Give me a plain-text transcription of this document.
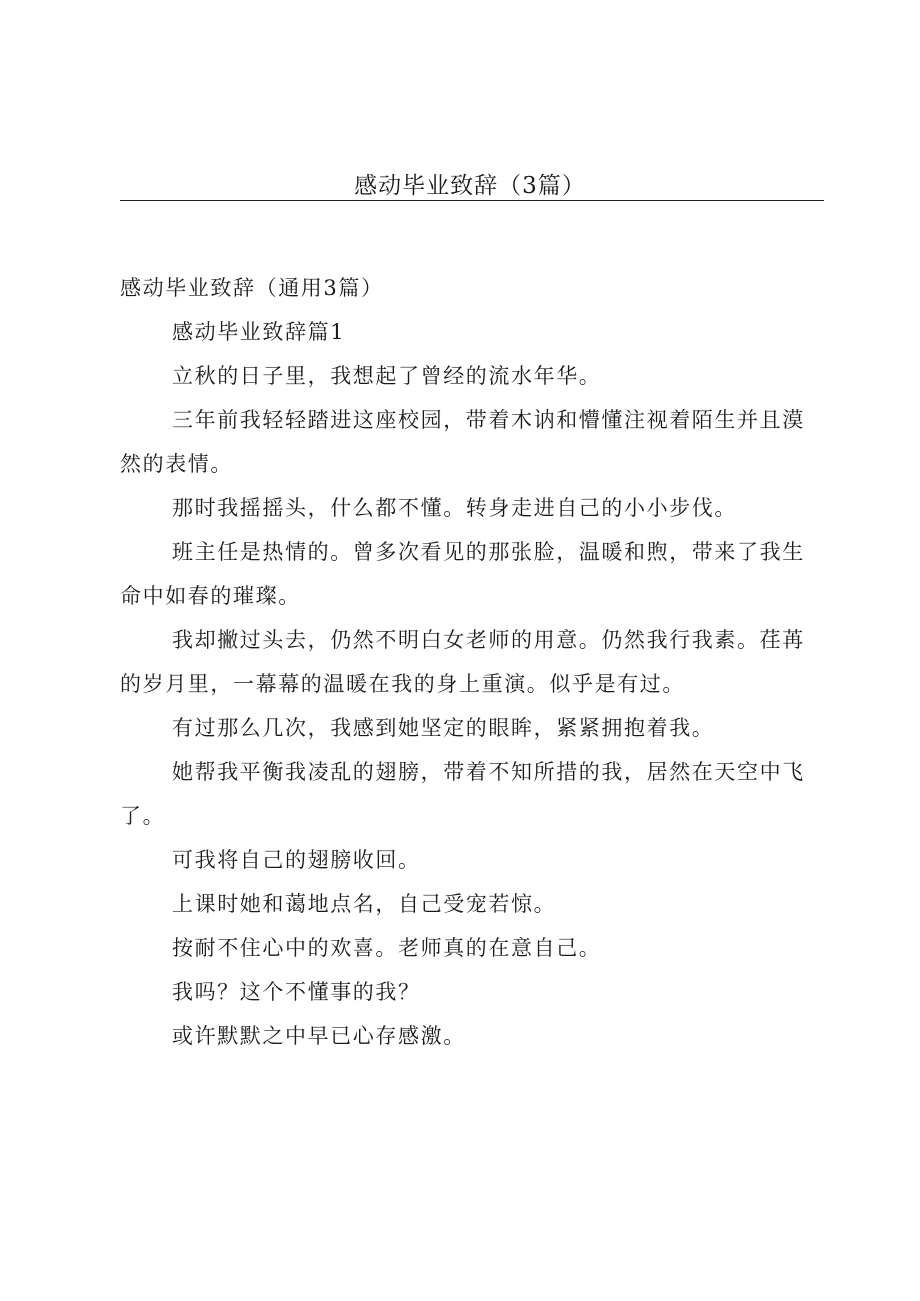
感动毕业致辞（3篇）

感动毕业致辞（通用3篇）

感动毕业致辞篇1

立秋的日子里，我想起了曾经的流水年华。

三年前我轻轻踏进这座校园，带着木讷和懵懂注视着陌生并且漠然的表情。

那时我摇摇头，什么都不懂。转身走进自己的小小步伐。

班主任是热情的。曾多次看见的那张脸，温暖和煦，带来了我生命中如春的璀璨。

我却撇过头去，仍然不明白女老师的用意。仍然我行我素。荏苒的岁月里，一幕幕的温暖在我的身上重演。似乎是有过。

有过那么几次，我感到她坚定的眼眸，紧紧拥抱着我。

她帮我平衡我凌乱的翅膀，带着不知所措的我，居然在天空中飞了。

可我将自己的翅膀收回。

上课时她和蔼地点名，自己受宠若惊。

按耐不住心中的欢喜。老师真的在意自己。

我吗？这个不懂事的我？

或许默默之中早已心存感激。
